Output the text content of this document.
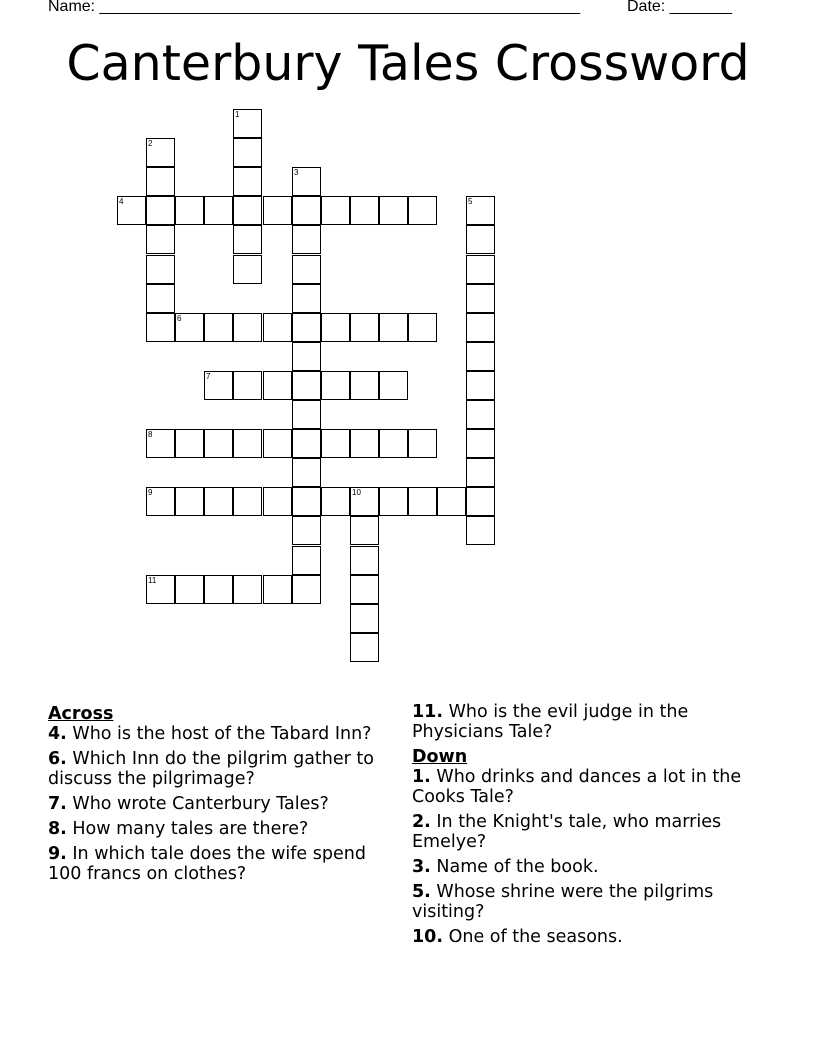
Name: ______________________________________________________	Date: _______
Canterbury Tales Crossword
4
6
7
8
9	10
11
1
2
3
5
Across
4. Who is the host of the Tabard Inn?
6. Which Inn do the pilgrim gather to discuss the pilgrimage?
7. Who wrote Canterbury Tales?
8. How many tales are there?
9. In which tale does the wife spend 100 francs on clothes?
11. Who is the evil judge in the Physicians Tale?
Down
1. Who drinks and dances a lot in the Cooks Tale?
2. In the Knight's tale, who marries Emelye?
3. Name of the book.
5. Whose shrine were the pilgrims visiting?
10. One of the seasons.
